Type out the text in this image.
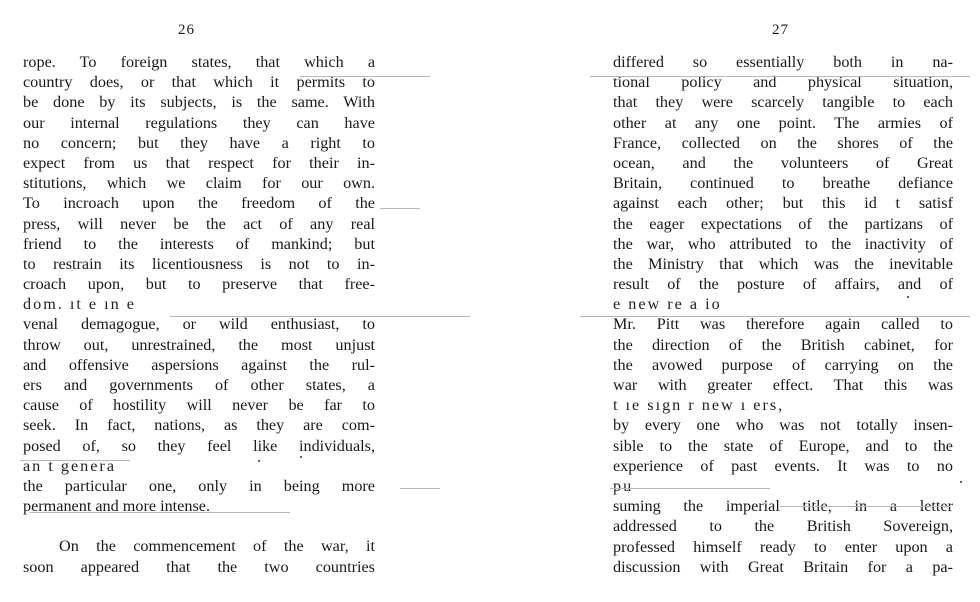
26
rope. To foreign states, that which a
country does, or that which it permits to
be done by its subjects, is the same. With
our internal regulations they can have
no concern; but they have a right to
expect from us that respect for their in-
stitutions, which we claim for our own.
To incroach upon the freedom of the
press, will never be the act of any real
friend to the interests of mankind; but
to restrain its licentiousness is not to in-
croach upon, but to preserve that free-
dom. ıt e ın e
venal demagogue, or wild enthusiast, to
throw out, unrestrained, the most unjust
and offensive aspersions against the rul-
ers and governments of other states, a
cause of hostility will never be far to
seek. In fact, nations, as they are com-
posed of, so they feel like individuals,
an t genera
the particular one, only in being more
permanent and more intense.
On the commencement of the war, it
soon appeared that the two countries
27
differed so essentially both in na-
tional policy and physical situation,
that they were scarcely tangible to each
other at any one point. The armies of
France, collected on the shores of the
ocean, and the volunteers of Great
Britain, continued to breathe defiance
against each other; but this id t satisf
the eager expectations of the partizans of
the war, who attributed to the inactivity of
the Ministry that which was the inevitable
result of the posture of affairs, and of
e new re a io
Mr. Pitt was therefore again called to
the direction of the British cabinet, for
the avowed purpose of carrying on the
war with greater effect. That this was
t ıe sıgn r new ı ers,
by every one who was not totally insen-
sible to the state of Europe, and to the
experience of past events. It was to no
pu
suming the imperial title, in a letter
addressed to the British Sovereign,
professed himself ready to enter upon a
discussion with Great Britain for a pa-
